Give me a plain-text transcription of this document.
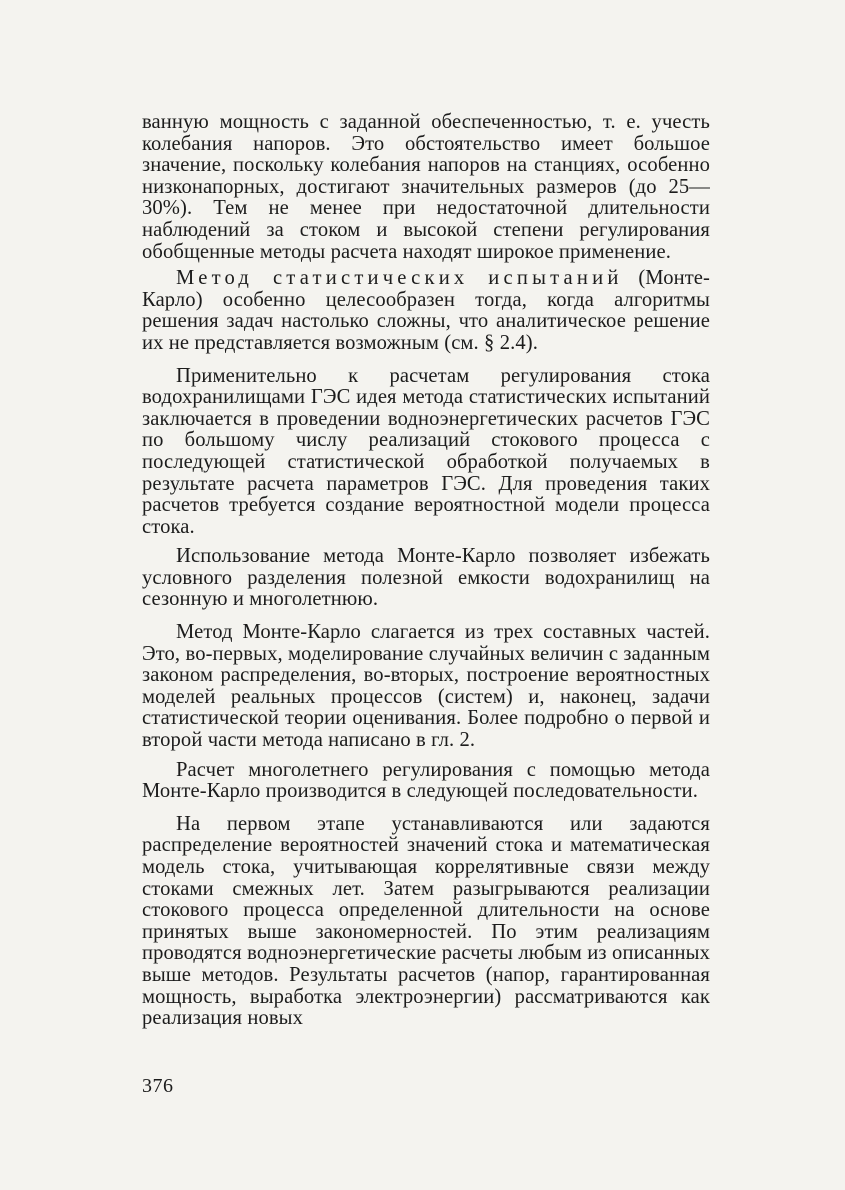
ванную мощность с заданной обеспеченностью, т. е. учесть колебания напоров. Это обстоятельство имеет большое значение, поскольку колебания напоров на станциях, особенно низконапорных, достигают значительных размеров (до 25—30%). Тем не менее при недостаточной длительности наблюдений за стоком и высокой степени регулирования обобщенные методы расчета находят широкое применение.

Метод статистических испытаний (Монте-Карло) особенно целесообразен тогда, когда алгоритмы решения задач настолько сложны, что аналитическое решение их не представляется возможным (см. § 2.4).

Применительно к расчетам регулирования стока водохранилищами ГЭС идея метода статистических испытаний заключается в проведении водноэнергетических расчетов ГЭС по большому числу реализаций стокового процесса с последующей статистической обработкой получаемых в результате расчета параметров ГЭС. Для проведения таких расчетов требуется создание вероятностной модели процесса стока.

Использование метода Монте-Карло позволяет избежать условного разделения полезной емкости водохранилищ на сезонную и многолетнюю.

Метод Монте-Карло слагается из трех составных частей. Это, во-первых, моделирование случайных величин с заданным законом распределения, во-вторых, построение вероятностных моделей реальных процессов (систем) и, наконец, задачи статистической теории оценивания. Более подробно о первой и второй части метода написано в гл. 2.

Расчет многолетнего регулирования с помощью метода Монте-Карло производится в следующей последовательности.

На первом этапе устанавливаются или задаются распределение вероятностей значений стока и математическая модель стока, учитывающая коррелятивные связи между стоками смежных лет. Затем разыгрываются реализации стокового процесса определенной длительности на основе принятых выше закономерностей. По этим реализациям проводятся водноэнергетические расчеты любым из описанных выше методов. Результаты расчетов (напор, гарантированная мощность, выработка электроэнергии) рассматриваются как реализация новых

376
